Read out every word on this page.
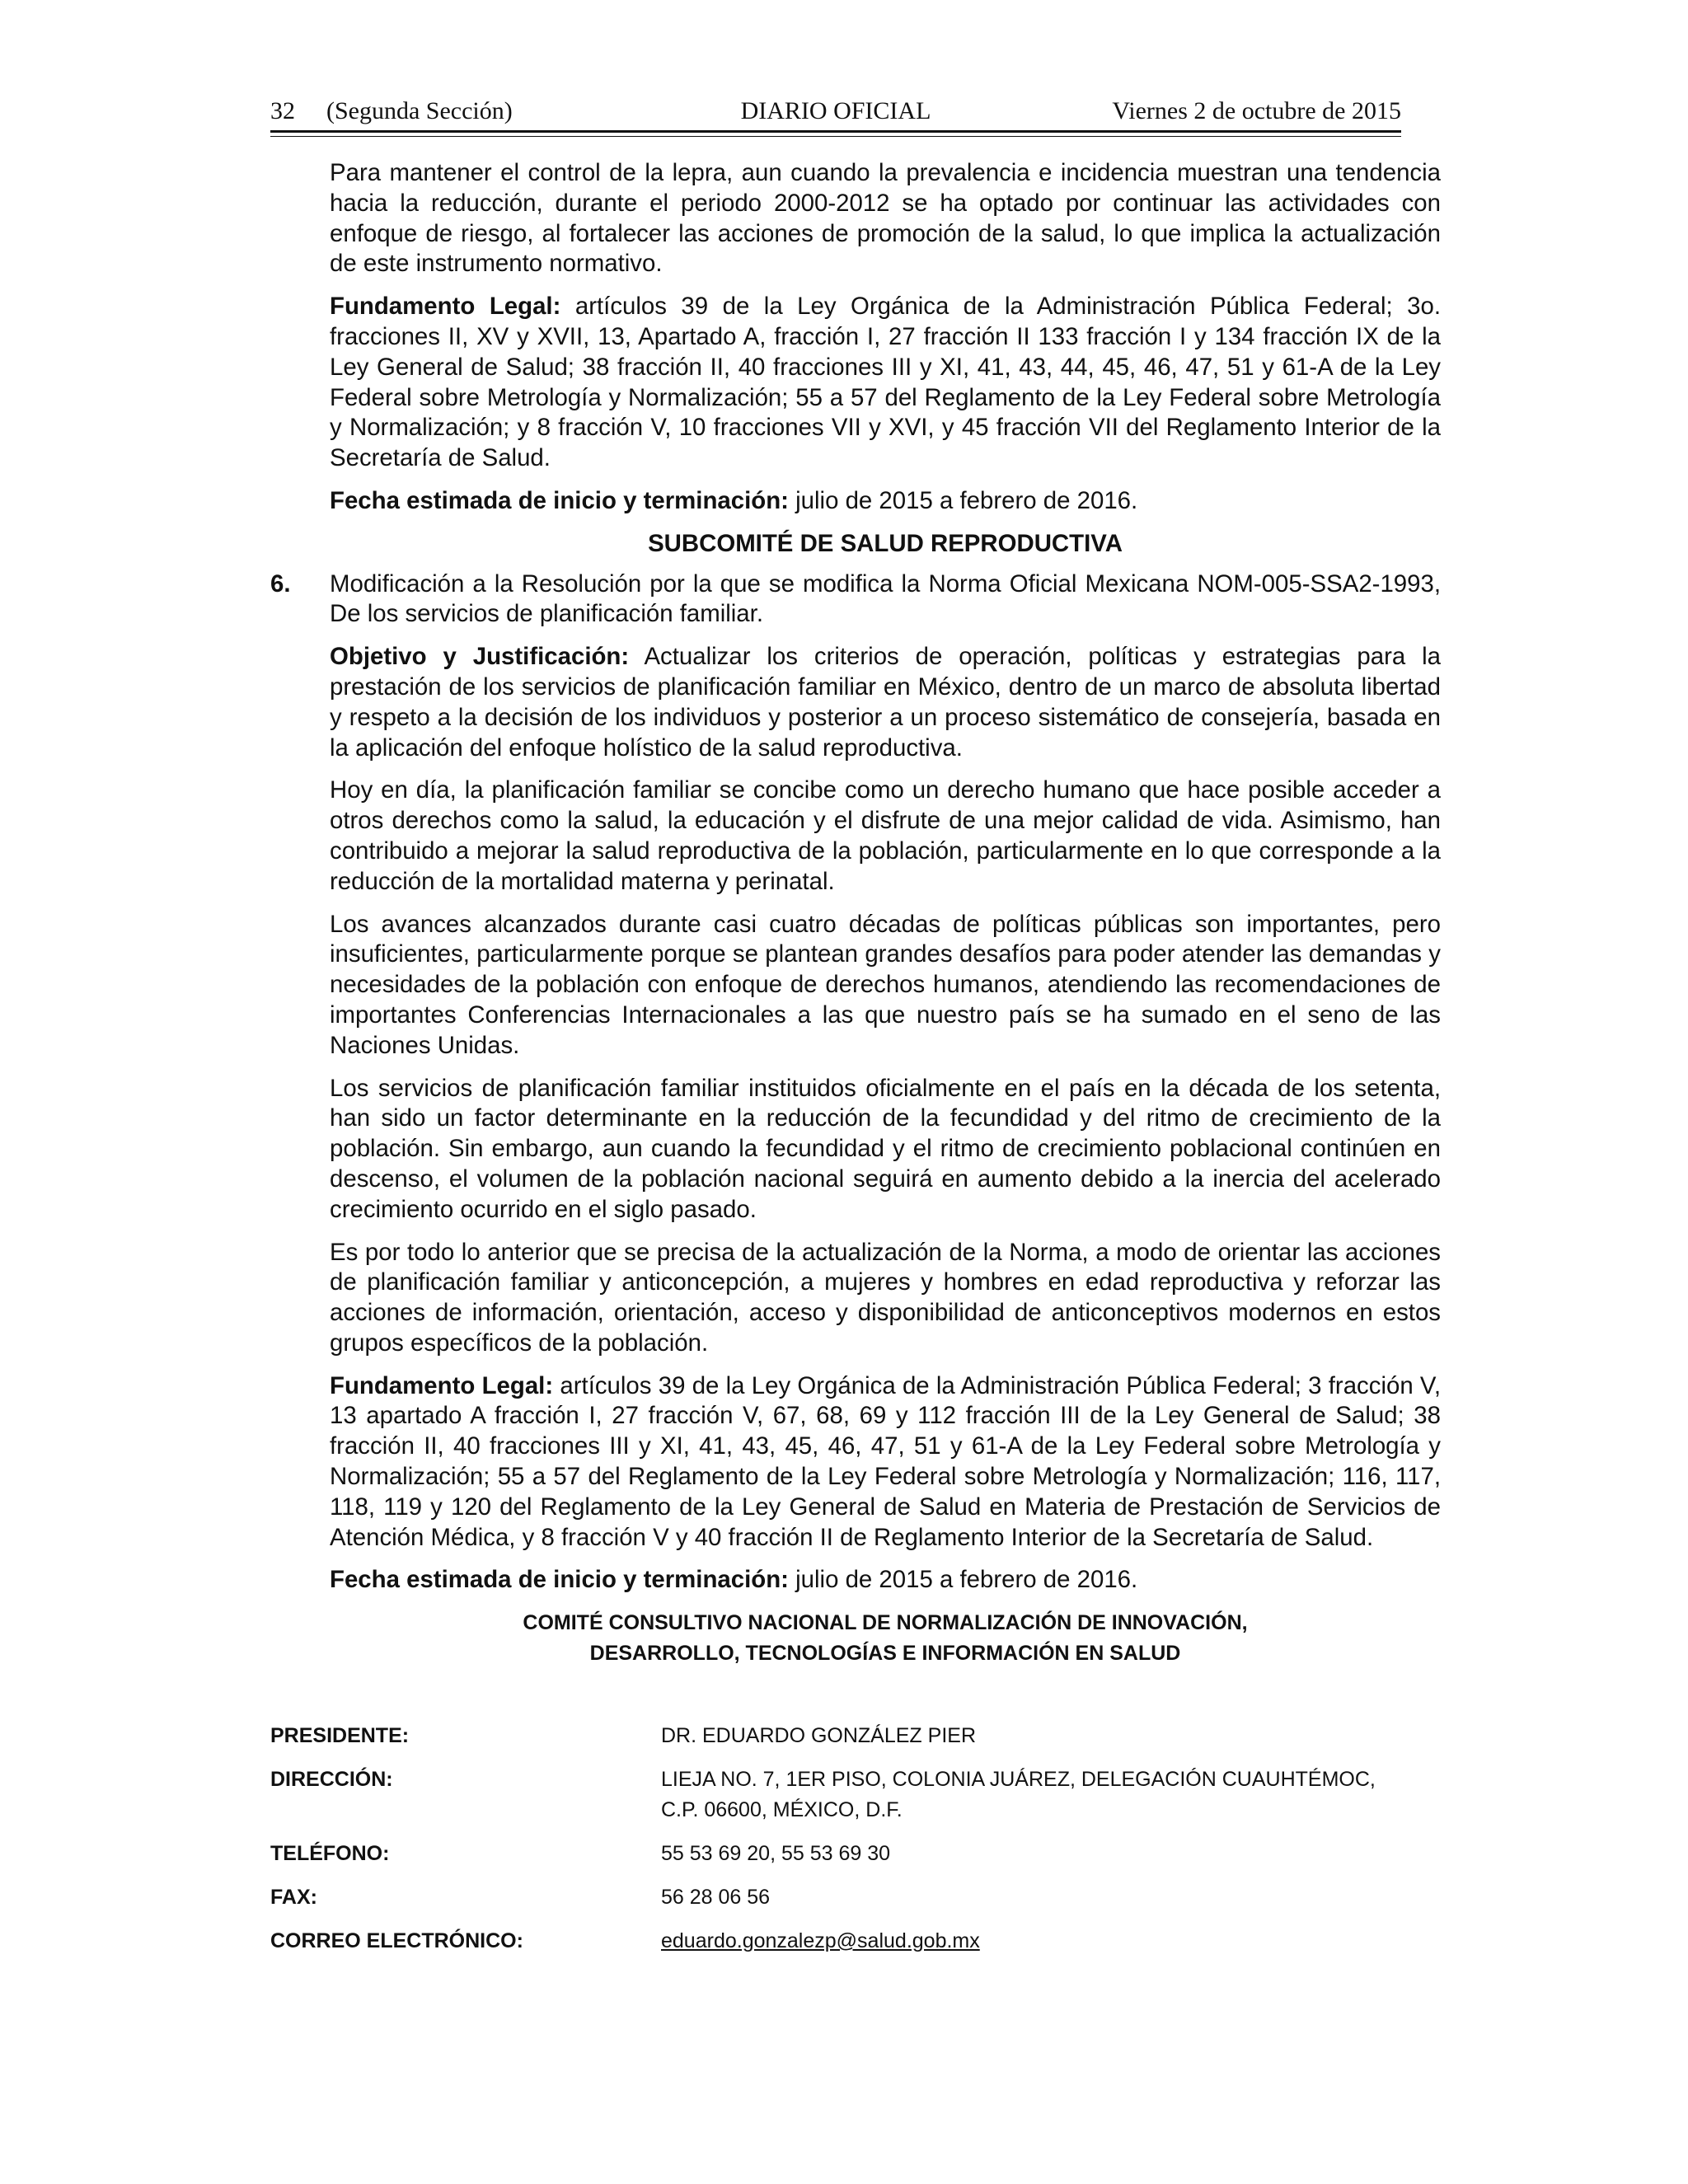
32 (Segunda Sección)	DIARIO OFICIAL	Viernes 2 de octubre de 2015

Para mantener el control de la lepra, aun cuando la prevalencia e incidencia muestran una tendencia hacia la reducción, durante el periodo 2000-2012 se ha optado por continuar las actividades con enfoque de riesgo, al fortalecer las acciones de promoción de la salud, lo que implica la actualización de este instrumento normativo.

Fundamento Legal: artículos 39 de la Ley Orgánica de la Administración Pública Federal; 3o. fracciones II, XV y XVII, 13, Apartado A, fracción I, 27 fracción II 133 fracción I y 134 fracción IX de la Ley General de Salud; 38 fracción II, 40 fracciones III y XI, 41, 43, 44, 45, 46, 47, 51 y 61-A de la Ley Federal sobre Metrología y Normalización; 55 a 57 del Reglamento de la Ley Federal sobre Metrología y Normalización; y 8 fracción V, 10 fracciones VII y XVI, y 45 fracción VII del Reglamento Interior de la Secretaría de Salud.

Fecha estimada de inicio y terminación: julio de 2015 a febrero de 2016.

SUBCOMITÉ DE SALUD REPRODUCTIVA

6. Modificación a la Resolución por la que se modifica la Norma Oficial Mexicana NOM-005-SSA2-1993, De los servicios de planificación familiar.

Objetivo y Justificación: Actualizar los criterios de operación, políticas y estrategias para la prestación de los servicios de planificación familiar en México, dentro de un marco de absoluta libertad y respeto a la decisión de los individuos y posterior a un proceso sistemático de consejería, basada en la aplicación del enfoque holístico de la salud reproductiva.

Hoy en día, la planificación familiar se concibe como un derecho humano que hace posible acceder a otros derechos como la salud, la educación y el disfrute de una mejor calidad de vida. Asimismo, han contribuido a mejorar la salud reproductiva de la población, particularmente en lo que corresponde a la reducción de la mortalidad materna y perinatal.

Los avances alcanzados durante casi cuatro décadas de políticas públicas son importantes, pero insuficientes, particularmente porque se plantean grandes desafíos para poder atender las demandas y necesidades de la población con enfoque de derechos humanos, atendiendo las recomendaciones de importantes Conferencias Internacionales a las que nuestro país se ha sumado en el seno de las Naciones Unidas.

Los servicios de planificación familiar instituidos oficialmente en el país en la década de los setenta, han sido un factor determinante en la reducción de la fecundidad y del ritmo de crecimiento de la población. Sin embargo, aun cuando la fecundidad y el ritmo de crecimiento poblacional continúen en descenso, el volumen de la población nacional seguirá en aumento debido a la inercia del acelerado crecimiento ocurrido en el siglo pasado.

Es por todo lo anterior que se precisa de la actualización de la Norma, a modo de orientar las acciones de planificación familiar y anticoncepción, a mujeres y hombres en edad reproductiva y reforzar las acciones de información, orientación, acceso y disponibilidad de anticonceptivos modernos en estos grupos específicos de la población.

Fundamento Legal: artículos 39 de la Ley Orgánica de la Administración Pública Federal; 3 fracción V, 13 apartado A fracción I, 27 fracción V, 67, 68, 69 y 112 fracción III de la Ley General de Salud; 38 fracción II, 40 fracciones III y XI, 41, 43, 45, 46, 47, 51 y 61-A de la Ley Federal sobre Metrología y Normalización; 55 a 57 del Reglamento de la Ley Federal sobre Metrología y Normalización; 116, 117, 118, 119 y 120 del Reglamento de la Ley General de Salud en Materia de Prestación de Servicios de Atención Médica, y 8 fracción V y 40 fracción II de Reglamento Interior de la Secretaría de Salud.

Fecha estimada de inicio y terminación: julio de 2015 a febrero de 2016.

COMITÉ CONSULTIVO NACIONAL DE NORMALIZACIÓN DE INNOVACIÓN,
DESARROLLO, TECNOLOGÍAS E INFORMACIÓN EN SALUD
PRESIDENTE:	DR. EDUARDO GONZÁLEZ PIER
DIRECCIÓN:	LIEJA NO. 7, 1ER PISO, COLONIA JUÁREZ, DELEGACIÓN CUAUHTÉMOC,
C.P. 06600, MÉXICO, D.F.
TELÉFONO:	55 53 69 20, 55 53 69 30
FAX:	56 28 06 56
CORREO ELECTRÓNICO:	eduardo.gonzalezp@salud.gob.mx
